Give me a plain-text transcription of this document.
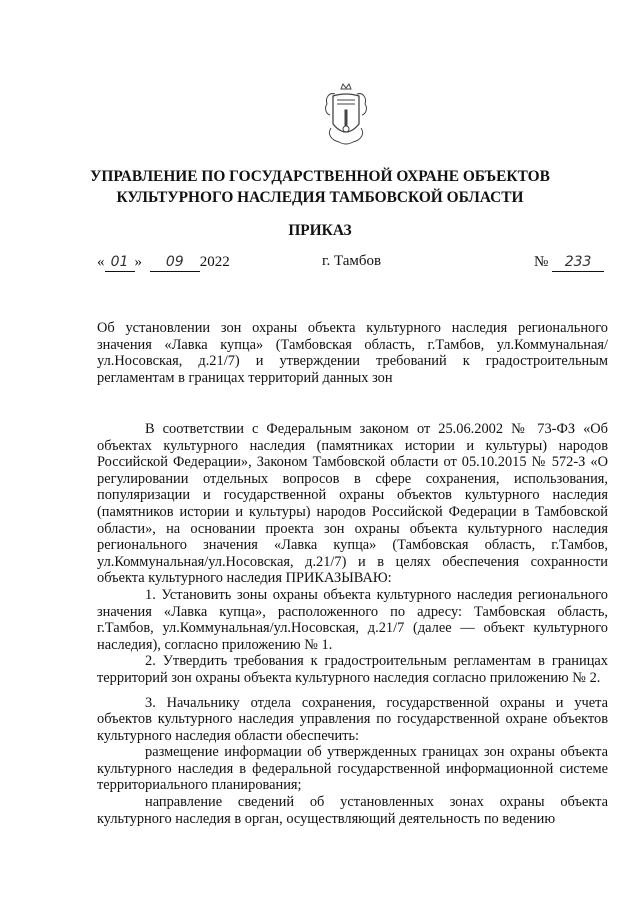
УПРАВЛЕНИЕ ПО ГОСУДАРСТВЕННОЙ ОХРАНЕ ОБЪЕКТОВ
КУЛЬТУРНОГО НАСЛЕДИЯ ТАМБОВСКОЙ ОБЛАСТИ
ПРИКАЗ
« 01 » 09 2022	г. Тамбов	№ 233
Об установлении зон охраны объекта культурного наследия регионального значения «Лавка купца» (Тамбовская область, г.Тамбов, ул.Коммунальная/ул.Носовская, д.21/7) и утверждении требований к градостроительным регламентам в границах территорий данных зон

В соответствии с Федеральным законом от 25.06.2002 № 73-ФЗ «Об объектах культурного наследия (памятниках истории и культуры) народов Российской Федерации», Законом Тамбовской области от 05.10.2015 № 572-З «О регулировании отдельных вопросов в сфере сохранения, использования, популяризации и государственной охраны объектов культурного наследия (памятников истории и культуры) народов Российской Федерации в Тамбовской области», на основании проекта зон охраны объекта культурного наследия регионального значения «Лавка купца» (Тамбовская область, г.Тамбов, ул.Коммунальная/ул.Носовская, д.21/7) и в целях обеспечения сохранности объекта культурного наследия ПРИКАЗЫВАЮ:

1. Установить зоны охраны объекта культурного наследия регионального значения «Лавка купца», расположенного по адресу: Тамбовская область, г.Тамбов, ул.Коммунальная/ул.Носовская, д.21/7 (далее — объект культурного наследия), согласно приложению № 1.

2. Утвердить требования к градостроительным регламентам в границах территорий зон охраны объекта культурного наследия согласно приложению № 2.

3. Начальнику отдела сохранения, государственной охраны и учета объектов культурного наследия управления по государственной охране объектов культурного наследия области обеспечить:

размещение информации об утвержденных границах зон охраны объекта культурного наследия в федеральной государственной информационной системе территориального планирования;

направление сведений об установленных зонах охраны объекта культурного наследия в орган, осуществляющий деятельность по ведению
